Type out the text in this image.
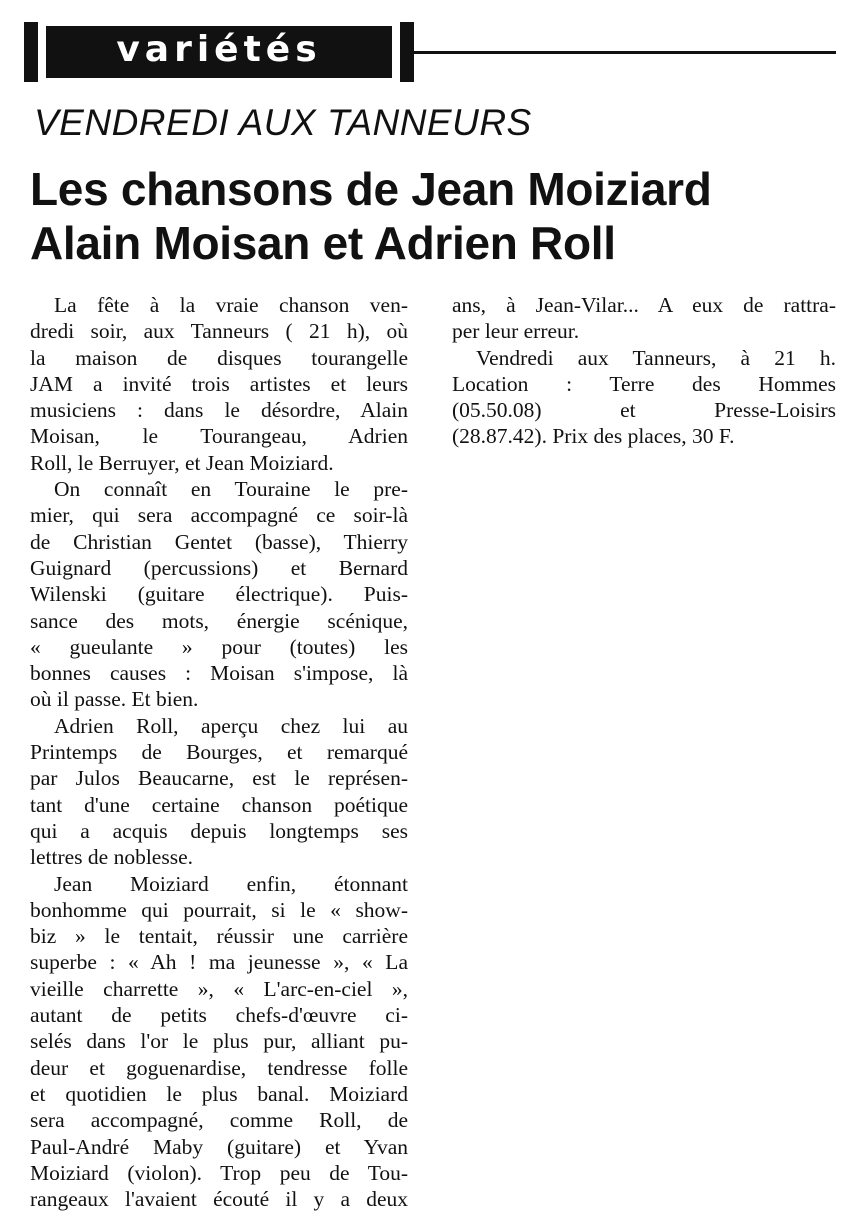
variétés
VENDREDI AUX TANNEURS
Les chansons de Jean Moiziard
Alain Moisan et Adrien Roll
La fête à la vraie chanson ven-
dredi soir, aux Tanneurs ( 21 h), où
la maison de disques tourangelle
JAM a invité trois artistes et leurs
musiciens : dans le désordre, Alain
Moisan, le Tourangeau, Adrien
Roll, le Berruyer, et Jean Moiziard.
On connaît en Touraine le pre-
mier, qui sera accompagné ce soir-là
de Christian Gentet (basse), Thierry
Guignard (percussions) et Bernard
Wilenski (guitare électrique). Puis-
sance des mots, énergie scénique,
« gueulante » pour (toutes) les
bonnes causes : Moisan s'impose, là
où il passe. Et bien.
Adrien Roll, aperçu chez lui au
Printemps de Bourges, et remarqué
par Julos Beaucarne, est le représen-
tant d'une certaine chanson poétique
qui a acquis depuis longtemps ses
lettres de noblesse.
Jean Moiziard enfin, étonnant
bonhomme qui pourrait, si le « show-
biz » le tentait, réussir une carrière
superbe : « Ah ! ma jeunesse », « La
vieille charrette », « L'arc-en-ciel »,
autant de petits chefs-d'œuvre ci-
selés dans l'or le plus pur, alliant pu-
deur et goguenardise, tendresse folle
et quotidien le plus banal. Moiziard
sera accompagné, comme Roll, de
Paul-André Maby (guitare) et Yvan
Moiziard (violon). Trop peu de Tou-
rangeaux l'avaient écouté il y a deux
ans, à Jean-Vilar... A eux de rattra-
per leur erreur.
Vendredi aux Tanneurs, à 21 h.
Location : Terre des Hommes
(05.50.08) et Presse-Loisirs
(28.87.42). Prix des places, 30 F.
